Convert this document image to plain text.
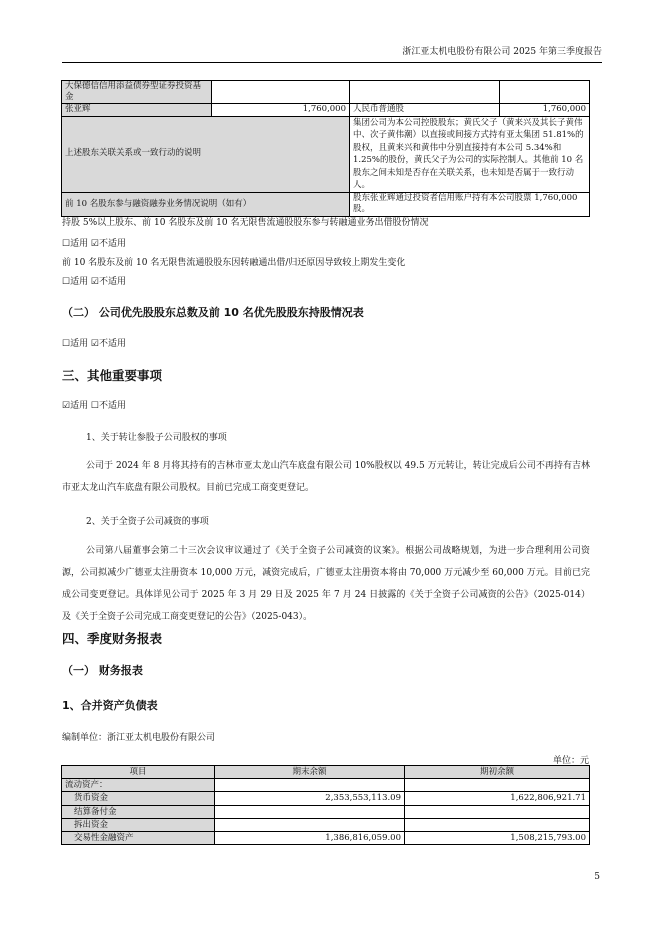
浙江亚太机电股份有限公司 2025 年第三季度报告
大保德信信用添益债券型证券投资基金			
张亚辉	1,760,000	人民币普通股	1,760,000
上述股东关联关系或一致行动的说明		集团公司为本公司控股股东；黄氏父子（黄来兴及其长子黄伟中、次子黄伟潮）以直接或间接方式持有亚太集团 51.81%的股权，且黄来兴和黄伟中分别直接持有本公司 5.34%和 1.25%的股份，黄氏父子为公司的实际控制人。其他前 10 名股东之间未知是否存在关联关系，也未知是否属于一致行动人。	
前 10 名股东参与融资融券业务情况说明（如有）		股东张亚辉通过投资者信用账户持有本公司股票 1,760,000 股。	
持股 5%以上股东、前 10 名股东及前 10 名无限售流通股股东参与转融通业务出借股份情况
☐适用 ☑不适用
前 10 名股东及前 10 名无限售流通股股东因转融通出借/归还原因导致较上期发生变化
☐适用 ☑不适用
（二） 公司优先股股东总数及前 10 名优先股股东持股情况表
☐适用 ☑不适用
三、其他重要事项
☑适用 ☐不适用
1、关于转让参股子公司股权的事项
公司于 2024 年 8 月将其持有的吉林市亚太龙山汽车底盘有限公司 10%股权以 49.5 万元转让，转让完成后公司不再持有吉林市亚太龙山汽车底盘有限公司股权。目前已完成工商变更登记。
2、关于全资子公司减资的事项
公司第八届董事会第二十三次会议审议通过了《关于全资子公司减资的议案》。根据公司战略规划，为进一步合理利用公司资源，公司拟减少广德亚太注册资本 10,000 万元，减资完成后，广德亚太注册资本将由 70,000 万元减少至 60,000 万元。目前已完成公司变更登记。具体详见公司于 2025 年 3 月 29 日及 2025 年 7 月 24 日披露的《关于全资子公司减资的公告》（2025-014）及《关于全资子公司完成工商变更登记的公告》（2025-043）。
四、季度财务报表
（一） 财务报表
1、合并资产负债表
编制单位：浙江亚太机电股份有限公司
单位：元
项目	期末余额	期初余额
流动资产：		
货币资金	2,353,553,113.09	1,622,806,921.71
结算备付金		
拆出资金		
交易性金融资产	1,386,816,059.00	1,508,215,793.00
5
